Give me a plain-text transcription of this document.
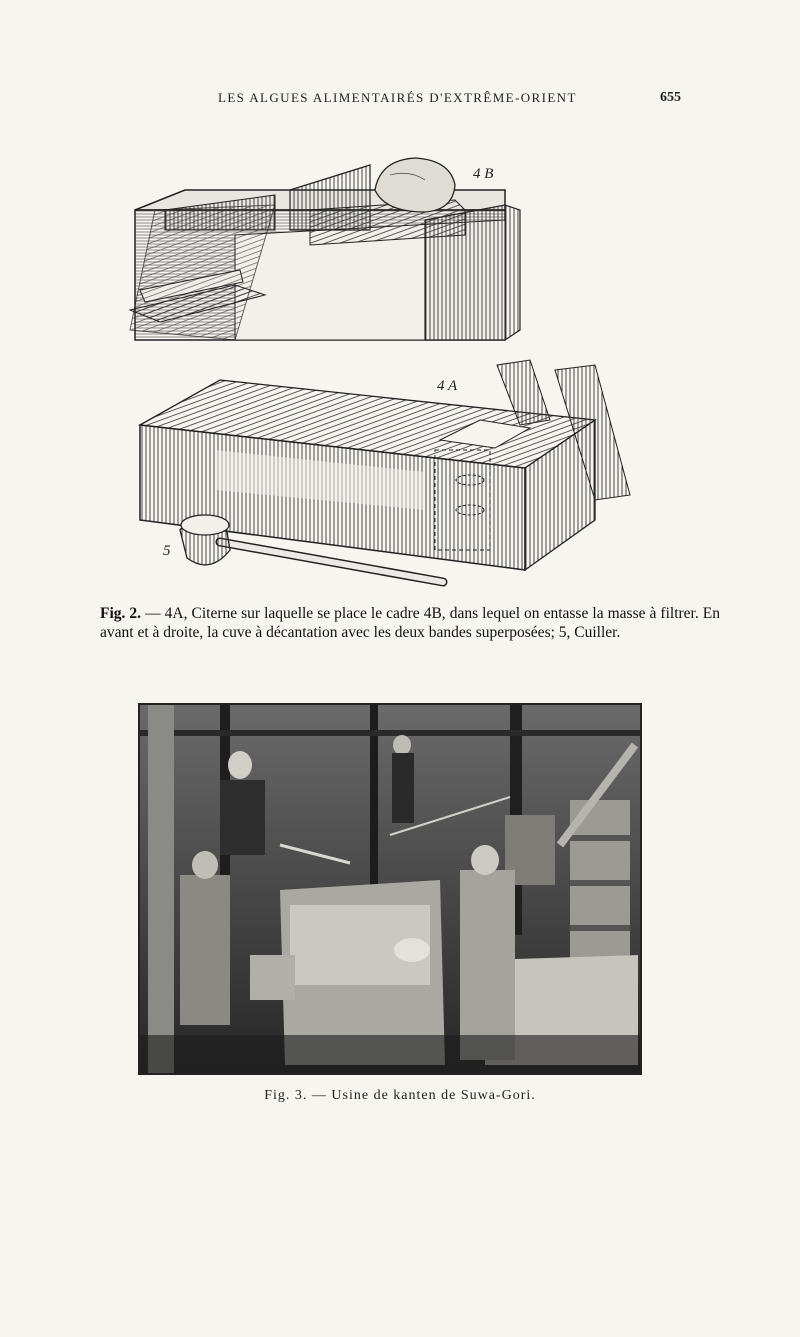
LES ALGUES ALIMENTAIRÉS D'EXTRÊME-ORIENT	655
4 B
4 A
5
Fig. 2. — 4A, Citerne sur laquelle se place le cadre 4B, dans lequel on entasse la masse à filtrer. En avant et à droite, la cuve à décantation avec les deux bandes superposées; 5, Cuiller.
Fig. 3. — Usine de kanten de Suwa-Gori.
